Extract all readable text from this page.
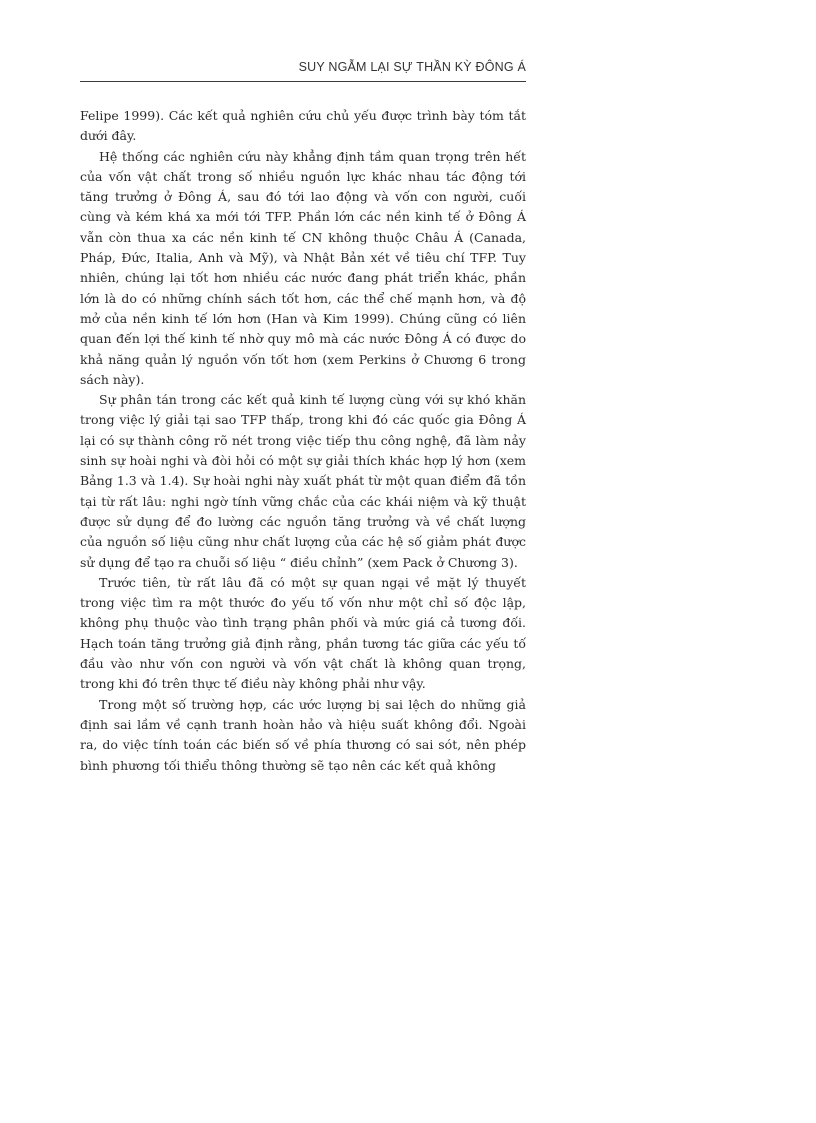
SUY NGẪM LẠI SỰ THẦN KỲ ĐÔNG Á

Felipe 1999). Các kết quả nghiên cứu chủ yếu được trình bày tóm tắt dưới đây.

Hệ thống các nghiên cứu này khẳng định tầm quan trọng trên hết của vốn vật chất trong số nhiều nguồn lực khác nhau tác động tới tăng trưởng ở Đông Á, sau đó tới lao động và vốn con người, cuối cùng và kém khá xa mới tới TFP. Phần lớn các nền kinh tế ở Đông Á vẫn còn thua xa các nền kinh tế CN không thuộc Châu Á (Canada, Pháp, Đức, Italia, Anh và Mỹ), và Nhật Bản xét về tiêu chí TFP. Tuy nhiên, chúng lại tốt hơn nhiều các nước đang phát triển khác, phần lớn là do có những chính sách tốt hơn, các thể chế mạnh hơn, và độ mở của nền kinh tế lớn hơn (Han và Kim 1999). Chúng cũng có liên quan đến lợi thế kinh tế nhờ quy mô mà các nước Đông Á có được do khả năng quản lý nguồn vốn tốt hơn (xem Perkins ở Chương 6 trong sách này).

Sự phân tán trong các kết quả kinh tế lượng cùng với sự khó khăn trong việc lý giải tại sao TFP thấp, trong khi đó các quốc gia Đông Á lại có sự thành công rõ nét trong việc tiếp thu công nghệ, đã làm nảy sinh sự hoài nghi và đòi hỏi có một sự giải thích khác hợp lý hơn (xem Bảng 1.3 và 1.4). Sự hoài nghi này xuất phát từ một quan điểm đã tồn tại từ rất lâu: nghi ngờ tính vững chắc của các khái niệm và kỹ thuật được sử dụng để đo lường các nguồn tăng trưởng và về chất lượng của nguồn số liệu cũng như chất lượng của các hệ số giảm phát được sử dụng để tạo ra chuỗi số liệu “ điều chỉnh” (xem Pack ở Chương 3).

Trước tiên, từ rất lâu đã có một sự quan ngại về mặt lý thuyết trong việc tìm ra một thước đo yếu tố vốn như một chỉ số độc lập, không phụ thuộc vào tình trạng phân phối và mức giá cả tương đối. Hạch toán tăng trưởng giả định rằng, phần tương tác giữa các yếu tố đầu vào như vốn con người và vốn vật chất là không quan trọng, trong khi đó trên thực tế điều này không phải như vậy.

Trong một số trường hợp, các ước lượng bị sai lệch do những giả định sai lầm về cạnh tranh hoàn hảo và hiệu suất không đổi. Ngoài ra, do việc tính toán các biến số về phía thương có sai sót, nên phép bình phương tối thiểu thông thường sẽ tạo nên các kết quả không
